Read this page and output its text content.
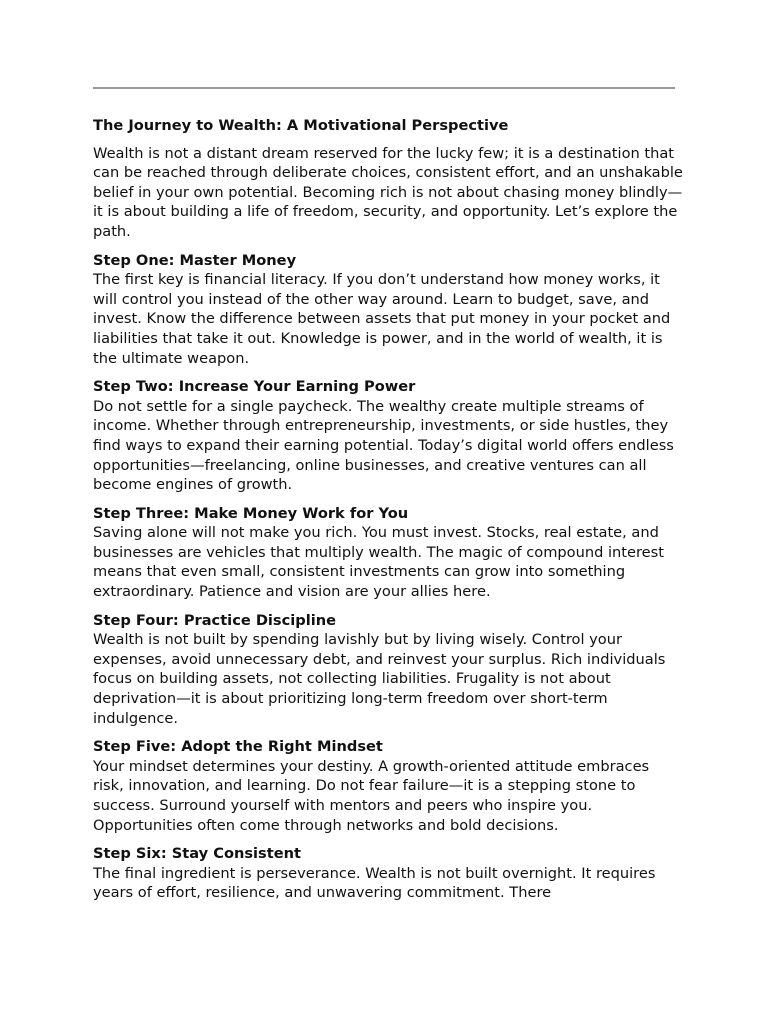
The Journey to Wealth: A Motivational Perspective

Wealth is not a distant dream reserved for the lucky few; it is a destination that can be reached through deliberate choices, consistent effort, and an unshakable belief in your own potential. Becoming rich is not about chasing money blindly—it is about building a life of freedom, security, and opportunity. Let’s explore the path.

Step One: Master Money

The first key is financial literacy. If you don’t understand how money works, it will control you instead of the other way around. Learn to budget, save, and invest. Know the difference between assets that put money in your pocket and liabilities that take it out. Knowledge is power, and in the world of wealth, it is the ultimate weapon.

Step Two: Increase Your Earning Power

Do not settle for a single paycheck. The wealthy create multiple streams of income. Whether through entrepreneurship, investments, or side hustles, they find ways to expand their earning potential. Today’s digital world offers endless opportunities—freelancing, online businesses, and creative ventures can all become engines of growth.

Step Three: Make Money Work for You

Saving alone will not make you rich. You must invest. Stocks, real estate, and businesses are vehicles that multiply wealth. The magic of compound interest means that even small, consistent investments can grow into something extraordinary. Patience and vision are your allies here.

Step Four: Practice Discipline

Wealth is not built by spending lavishly but by living wisely. Control your expenses, avoid unnecessary debt, and reinvest your surplus. Rich individuals focus on building assets, not collecting liabilities. Frugality is not about deprivation—it is about prioritizing long-term freedom over short-term indulgence.

Step Five: Adopt the Right Mindset

Your mindset determines your destiny. A growth-oriented attitude embraces risk, innovation, and learning. Do not fear failure—it is a stepping stone to success. Surround yourself with mentors and peers who inspire you. Opportunities often come through networks and bold decisions.

Step Six: Stay Consistent

The final ingredient is perseverance. Wealth is not built overnight. It requires years of effort, resilience, and unwavering commitment. There
